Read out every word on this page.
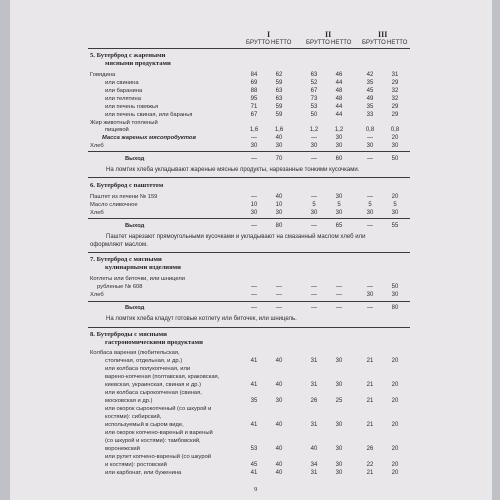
I	II	III
БРУТТО НЕТТО БРУТТО НЕТТО БРУТТО НЕТТО
5. Бутерброд с жареными
мясными продуктами
Говядина	84	62	63	46	42	31
или свинина	69	59	52	44	35	29
или баранина	88	63	67	48	45	32
или телятина	95	63	73	48	49	32
или печень говяжья	71	59	53	44	35	29
или печень свиная, или баранья	67	59	50	44	33	29
Жир животный топленый
пищевой	1,6	1,6	1,2	1,2	0,8	0,8
Масса жареных мясопродуктов	—	40	—	30	—	20
Хлеб	30	30	30	30	30	30
Выход	—	70	—	60	—	50
На ломтик хлеба укладывают жареные мясные продукты, нарезанные тонкими кусочками.
6. Бутерброд с паштетом
Паштет из печени № 159	—	40	—	30	—	20
Масло сливочное	10	10	5	5	5	5
Хлеб	30	30	30	30	30	30
Выход	—	80	—	65	—	55
Паштет нарезают прямоугольными кусочками и укладывают на смазанный маслом хлеб или
оформляют маслом.
7. Бутерброд с мясными
кулинарными изделиями
Котлеты или биточки, или шницели
рубленые № 608	—	—	—	—	—	50
Хлеб	—	—	—	—	30	30
Выход	—	—	—	—	—	80
На ломтик хлеба кладут готовые котлету или биточек, или шницель.
8. Бутерброды с мясными
гастрономическими продуктами
Колбаса вареная (любительская,
столичная, отдельная, и др.)	41	40	31	30	21	20
или колбаса полукопченая, или
варено-копченая (полтавская, краковская,
киевская, украинская, свиная и др.)	41	40	31	30	21	20
или колбаса сырокопченая (свиная,
московская и др.)	35	30	26	25	21	20
или окорок сырокопченый (со шкурой и
костями): сибирский,
используемый в сыром виде,	41	40	31	30	21	20
или окорок копчено-вареный и вареный
(со шкурой и костями): тамбовский,
воронежский	53	40	40	30	26	20
или рулет копчено-вареный (со шкурой
и костями): ростовский	45	40	34	30	22	20
или карбонат, или буженина	41	40	31	30	21	20
9
